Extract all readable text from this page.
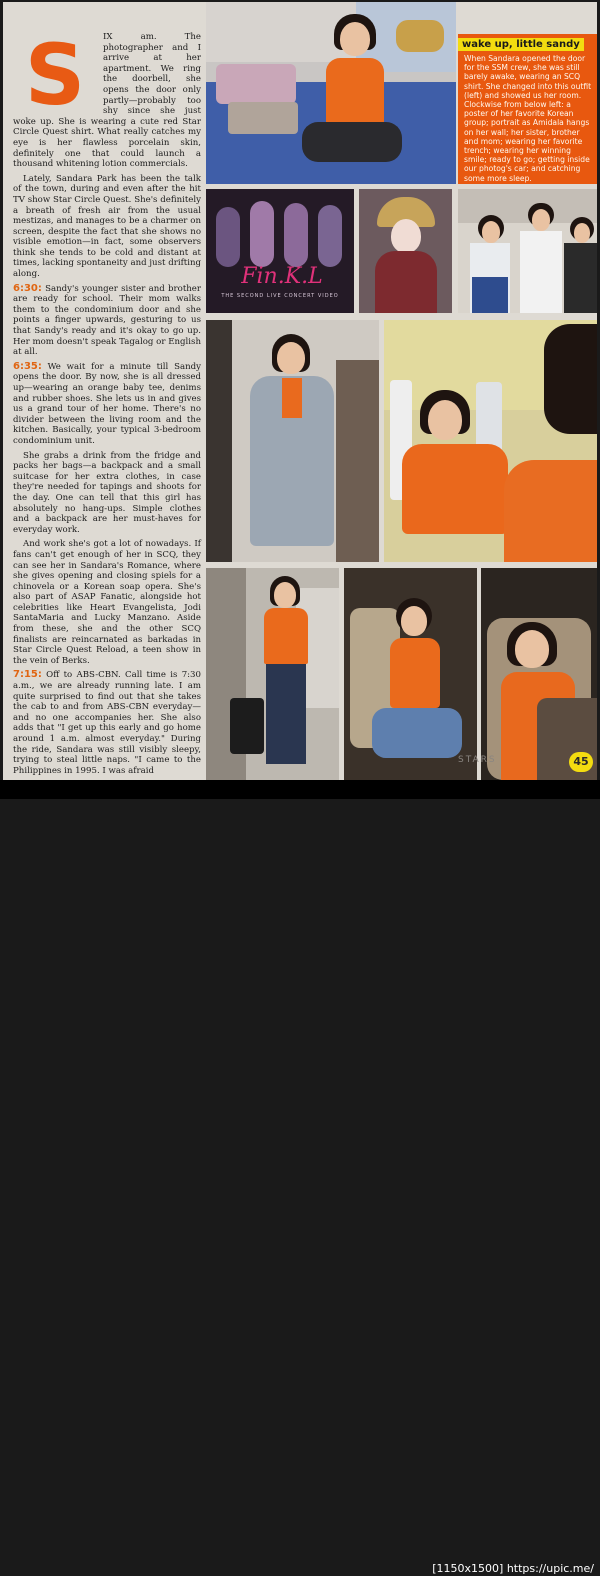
S	IX am. The photographer and I arrive at her apartment. We ring the doorbell, she opens the door only partly—probably too shy since she just woke up. She is wearing a cute red Star Circle Quest shirt. What really catches my eye is her flawless porcelain skin, definitely one that could launch a thousand whitening lotion commercials.

Lately, Sandara Park has been the talk of the town, during and even after the hit TV show Star Circle Quest. She's definitely a breath of fresh air from the usual mestizas, and manages to be a charmer on screen, despite the fact that she shows no visible emotion—in fact, some observers think she tends to be cold and distant at times, lacking spontaneity and just drifting along.

6:30: Sandy's younger sister and brother are ready for school. Their mom walks them to the condominium door and she points a finger upwards, gesturing to us that Sandy's ready and it's okay to go up. Her mom doesn't speak Tagalog or English at all.

6:35: We wait for a minute till Sandy opens the door. By now, she is all dressed up—wearing an orange baby tee, denims and rubber shoes. She lets us in and gives us a grand tour of her home. There's no divider between the living room and the kitchen. Basically, your typical 3-bedroom condominium unit.

She grabs a drink from the fridge and packs her bags—a backpack and a small suitcase for her extra clothes, in case they're needed for tapings and shoots for the day. One can tell that this girl has absolutely no hang-ups. Simple clothes and a backpack are her must-haves for everyday work.

And work she's got a lot of nowadays. If fans can't get enough of her in SCQ, they can see her in Sandara's Romance, where she gives opening and closing spiels for a chinovela or a Korean soap opera. She's also part of ASAP Fanatic, alongside hot celebrities like Heart Evangelista, Jodi SantaMaria and Lucky Manzano. Aside from these, she and the other SCQ finalists are reincarnated as barkadas in Star Circle Quest Reload, a teen show in the vein of Berks.

7:15: Off to ABS-CBN. Call time is 7:30 a.m., we are already running late. I am quite surprised to find out that she takes the cab to and from ABS-CBN everyday—and no one accompanies her. She also adds that "I get up this early and go home around 1 a.m. almost everyday." During the ride, Sandara was still visibly sleepy, trying to steal little naps. "I came to the Philippines in 1995. I was afraid

wake up, little sandy

When Sandara opened the door for the SSM crew, she was still barely awake, wearing an SCQ shirt. She changed into this outfit (left) and showed us her room. Clockwise from below left: a poster of her favorite Korean group; portrait as Amidala hangs on her wall; her sister, brother and mom; wearing her favorite trench; wearing her winning smile; ready to go; getting inside our photog's car; and catching some more sleep.

Fin.K.L
THE SECOND LIVE CONCERT VIDEO
STARS	45
[1150x1500] https://upic.me/
